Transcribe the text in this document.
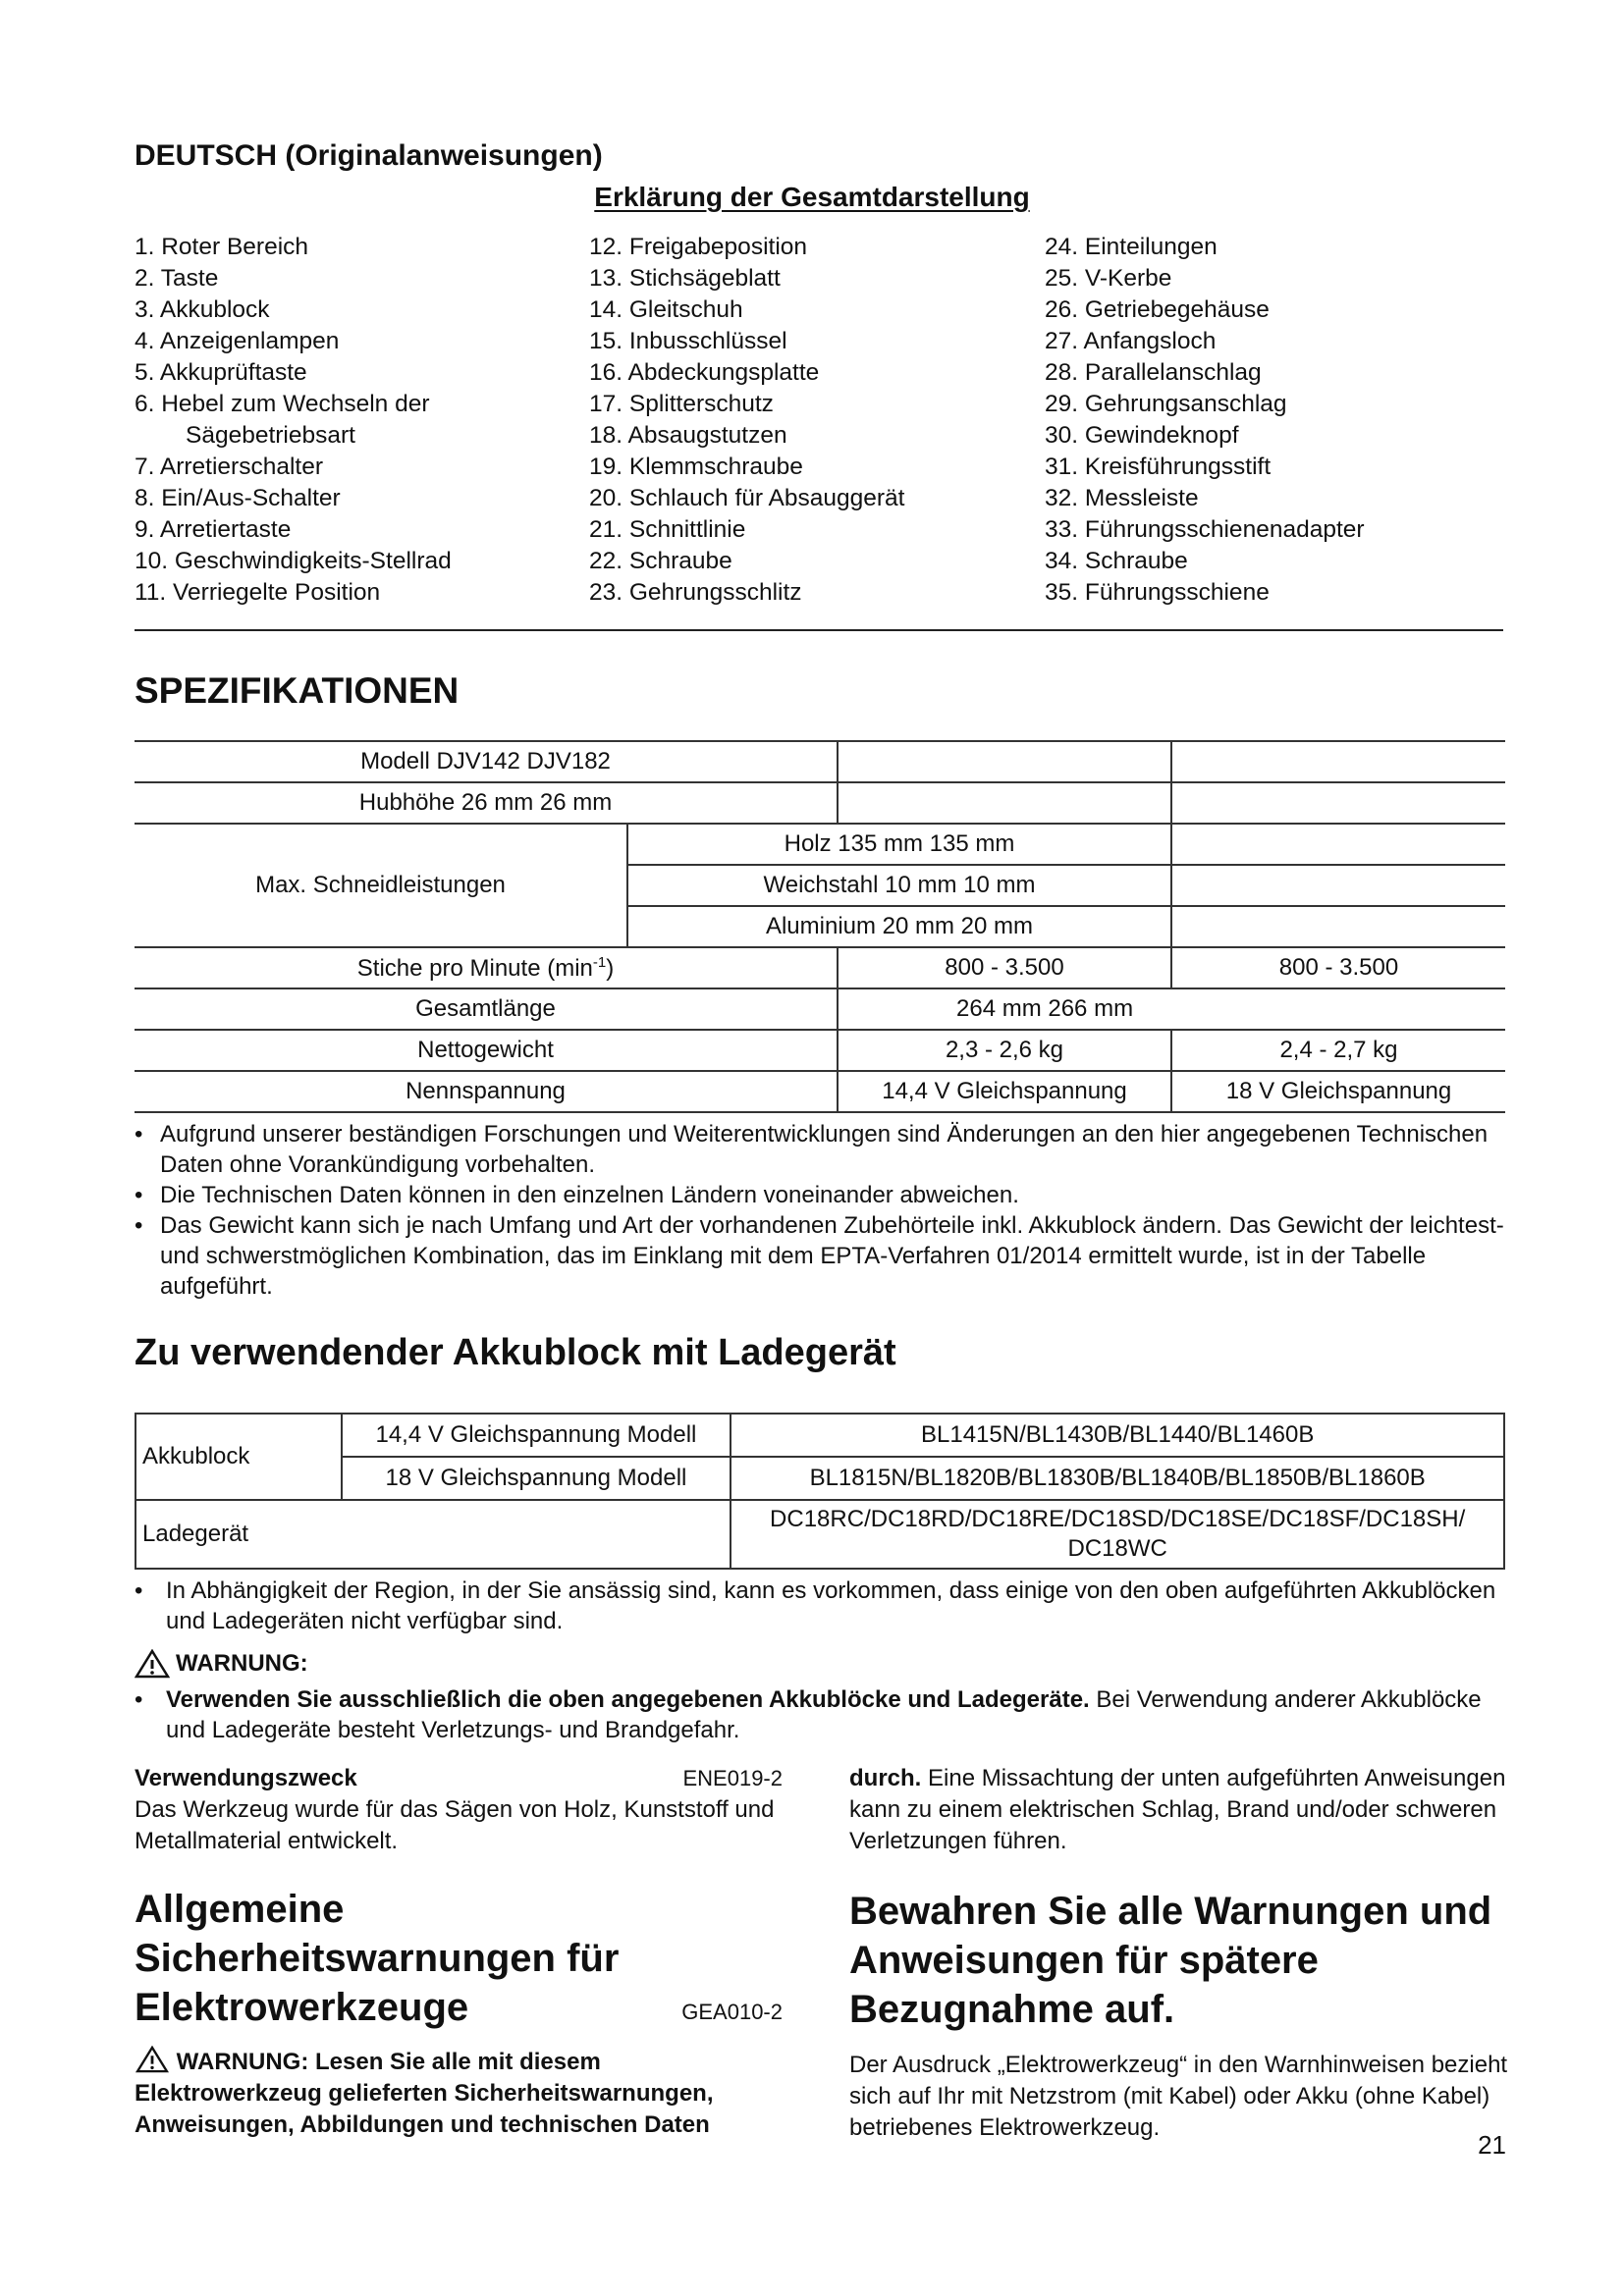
DEUTSCH (Originalanweisungen)
Erklärung der Gesamtdarstellung
1. Roter Bereich
2. Taste
3. Akkublock
4. Anzeigenlampen
5. Akkuprüftaste
6. Hebel zum Wechseln der
Sägebetriebsart
7. Arretierschalter
8. Ein/Aus-Schalter
9. Arretiertaste
10. Geschwindigkeits-Stellrad
11. Verriegelte Position
12. Freigabeposition
13. Stichsägeblatt
14. Gleitschuh
15. Inbusschlüssel
16. Abdeckungsplatte
17. Splitterschutz
18. Absaugstutzen
19. Klemmschraube
20. Schlauch für Absauggerät
21. Schnittlinie
22. Schraube
23. Gehrungsschlitz
24. Einteilungen
25. V-Kerbe
26. Getriebegehäuse
27. Anfangsloch
28. Parallelanschlag
29. Gehrungsanschlag
30. Gewindeknopf
31. Kreisführungsstift
32. Messleiste
33. Führungsschienenadapter
34. Schraube
35. Führungsschiene
SPEZIFIKATIONEN
Modell DJV142 DJV182			
Hubhöhe 26 mm 26 mm			
Max. Schneidleistungen	Holz 135 mm 135 mm		
	Weichstahl 10 mm 10 mm		
	Aluminium 20 mm 20 mm		
Stiche pro Minute $(\min^{-1})$		800 - 3.500	800 - 3.500
Gesamtlänge		264 mm 266 mm	
Nettogewicht		2,3 - 2,6 kg	2,4 - 2,7 kg
Nennspannung		14,4 V Gleichspannung	18 V Gleichspannung
• Aufgrund unserer beständigen Forschungen und Weiterentwicklungen sind Änderungen an den hier angegebenen Technischen Daten ohne Vorankündigung vorbehalten.
• Die Technischen Daten können in den einzelnen Ländern voneinander abweichen.
• Das Gewicht kann sich je nach Umfang und Art der vorhandenen Zubehörteile inkl. Akkublock ändern. Das Gewicht der leichtest- und schwerstmöglichen Kombination, das im Einklang mit dem EPTA-Verfahren 01/2014 ermittelt wurde, ist in der Tabelle aufgeführt.
Zu verwendender Akkublock mit Ladegerät
Akkublock	14,4 V Gleichspannung Modell	BL1415N/BL1430B/BL1440/BL1460B
	18 V Gleichspannung Modell	BL1815N/BL1820B/BL1830B/BL1840B/BL1850B/BL1860B
Ladegerät		DC18RC/DC18RD/DC18RE/DC18SD/DC18SE/DC18SF/DC18SH/
DC18WC
• In Abhängigkeit der Region, in der Sie ansässig sind, kann es vorkommen, dass einige von den oben aufgeführten Akkublöcken und Ladegeräten nicht verfügbar sind.
WARNUNG:
• Verwenden Sie ausschließlich die oben angegebenen Akkublöcke und Ladegeräte. Bei Verwendung anderer Akkublöcke und Ladegeräte besteht Verletzungs- und Brandgefahr.
Verwendungszweck	ENE019-2
Das Werkzeug wurde für das Sägen von Holz, Kunststoff und Metallmaterial entwickelt.
Allgemeine
Sicherheitswarnungen für
Elektrowerkzeuge	GEA010-2
WARNUNG: Lesen Sie alle mit diesem Elektrowerkzeug gelieferten Sicherheitswarnungen, Anweisungen, Abbildungen und technischen Daten
durch. Eine Missachtung der unten aufgeführten Anweisungen kann zu einem elektrischen Schlag, Brand und/oder schweren Verletzungen führen.
Bewahren Sie alle Warnungen und
Anweisungen für spätere
Bezugnahme auf.
Der Ausdruck „Elektrowerkzeug“ in den Warnhinweisen bezieht sich auf Ihr mit Netzstrom (mit Kabel) oder Akku (ohne Kabel) betriebenes Elektrowerkzeug.
21
